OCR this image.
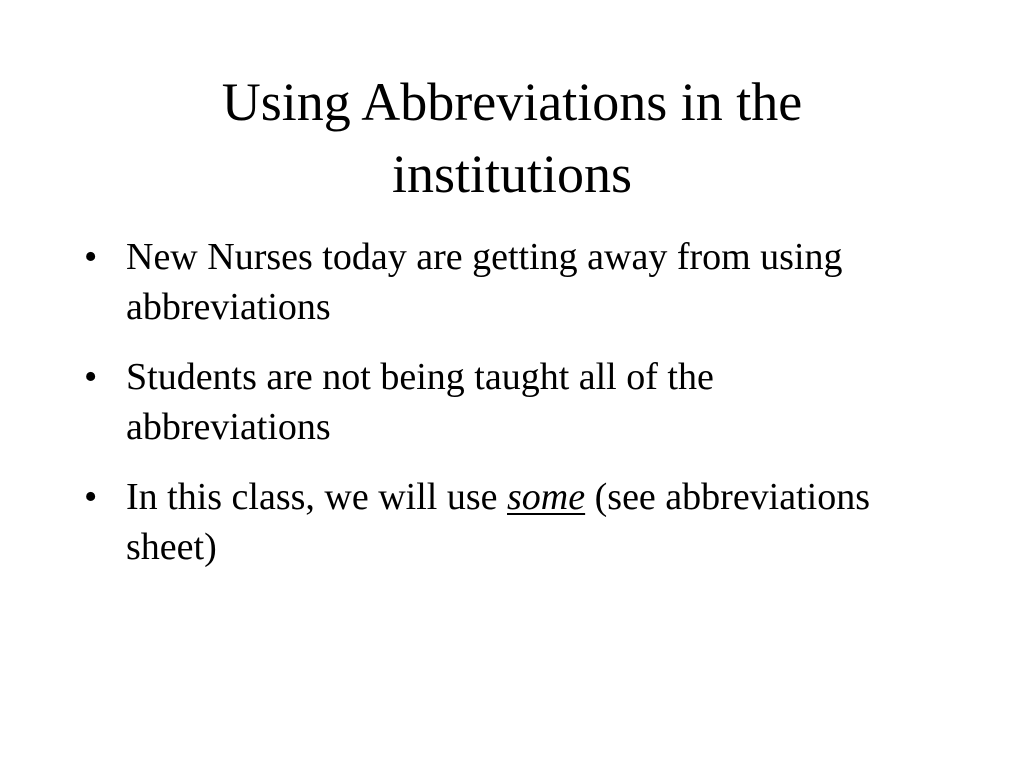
Using Abbreviations in the institutions
• New Nurses today are getting away from using abbreviations
• Students are not being taught all of the abbreviations
• In this class, we will use some (see abbreviations sheet)
